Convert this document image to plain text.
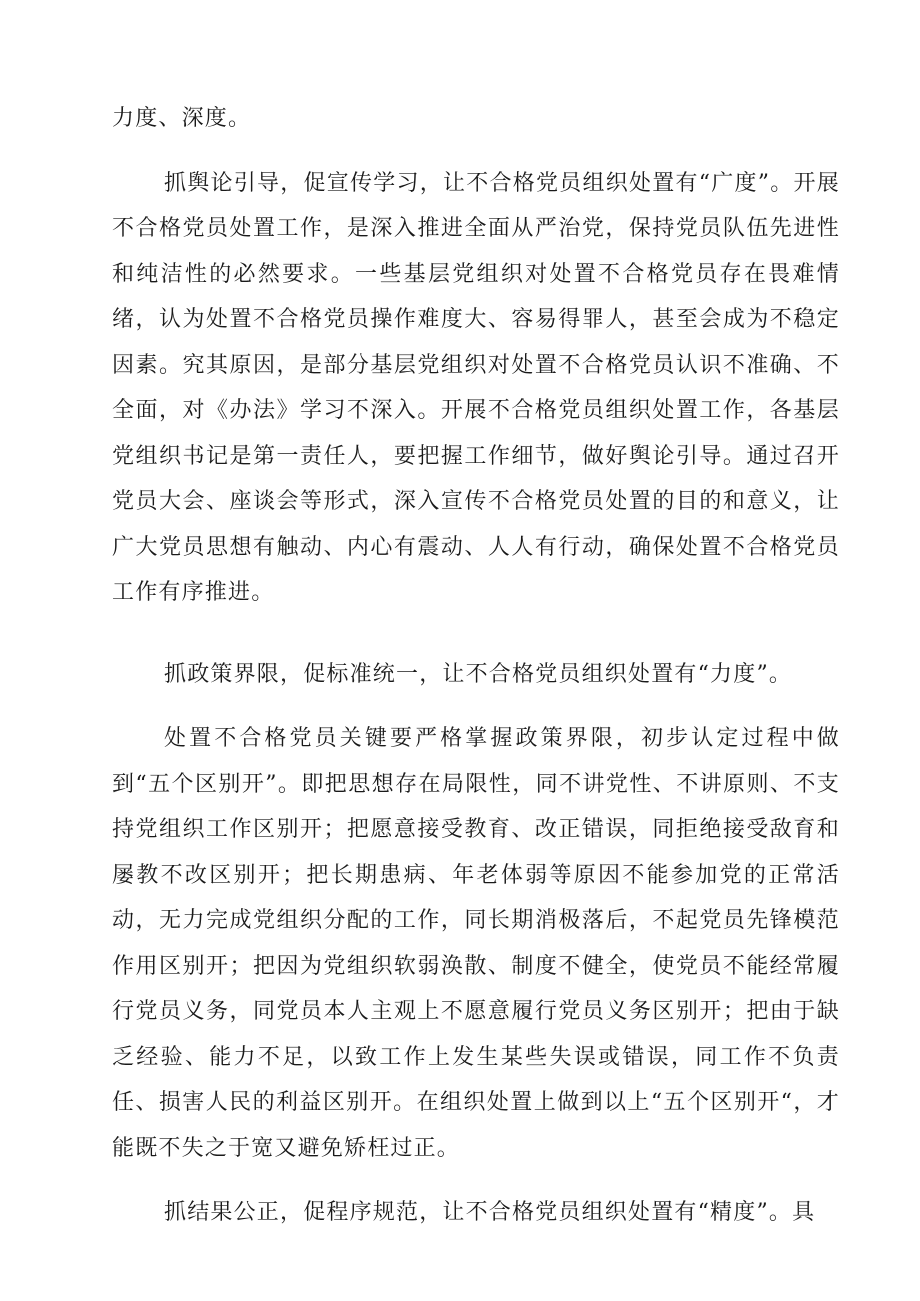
力度、深度。

抓舆论引导，促宣传学习，让不合格党员组织处置有“广度”。开展不合格党员处置工作，是深入推进全面从严治党，保持党员队伍先进性和纯洁性的必然要求。一些基层党组织对处置不合格党员存在畏难情绪，认为处置不合格党员操作难度大、容易得罪人，甚至会成为不稳定因素。究其原因，是部分基层党组织对处置不合格党员认识不准确、不全面，对《办法》学习不深入。开展不合格党员组织处置工作，各基层党组织书记是第一责任人，要把握工作细节，做好舆论引导。通过召开党员大会、座谈会等形式，深入宣传不合格党员处置的目的和意义，让广大党员思想有触动、内心有震动、人人有行动，确保处置不合格党员工作有序推进。

抓政策界限，促标准统一，让不合格党员组织处置有“力度”。

处置不合格党员关键要严格掌握政策界限，初步认定过程中做到“五个区别开”。即把思想存在局限性，同不讲党性、不讲原则、不支持党组织工作区别开；把愿意接受教育、改正错误，同拒绝接受敌育和屡教不改区别开；把长期患病、年老体弱等原因不能参加党的正常活动，无力完成党组织分配的工作，同长期消极落后，不起党员先锋模范作用区别开；把因为党组织软弱涣散、制度不健全，使党员不能经常履行党员义务，同党员本人主观上不愿意履行党员义务区别开；把由于缺乏经验、能力不足，以致工作上发生某些失误或错误，同工作不负责任、损害人民的利益区别开。在组织处置上做到以上“五个区别开“，才能既不失之于宽又避免矫枉过正。

抓结果公正，促程序规范，让不合格党员组织处置有“精度”。具
